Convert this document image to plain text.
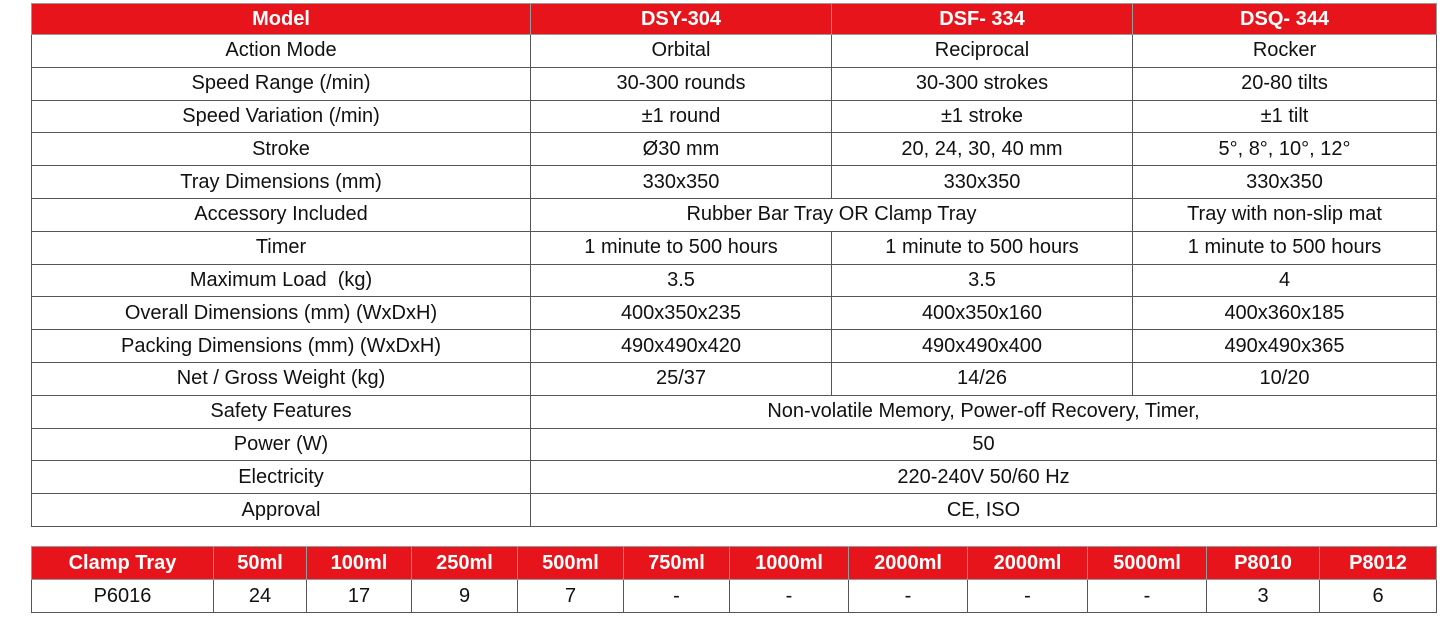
Model	DSY-304	DSF- 334	DSQ- 344
Action Mode	Orbital	Reciprocal	Rocker
Speed Range (/min)	30-300 rounds	30-300 strokes	20-80 tilts
Speed Variation (/min)	±1 round	±1 stroke	±1 tilt
Stroke	Ø30 mm	20, 24, 30, 40 mm	5°, 8°, 10°, 12°
Tray Dimensions (mm)	330x350	330x350	330x350
Accessory Included	Rubber Bar Tray OR Clamp Tray		Tray with non-slip mat
Timer	1 minute to 500 hours	1 minute to 500 hours	1 minute to 500 hours
Maximum Load  (kg)	3.5	3.5	4
Overall Dimensions (mm) (WxDxH)	400x350x235	400x350x160	400x360x185
Packing Dimensions (mm) (WxDxH)	490x490x420	490x490x400	490x490x365
Net / Gross Weight (kg)	25/37	14/26	10/20
Safety Features	Non-volatile Memory, Power-off Recovery, Timer,		
Power (W)	50		
Electricity	220-240V 50/60 Hz		
Approval	CE, ISO		
Clamp Tray	50ml	100ml	250ml	500ml	750ml	1000ml	2000ml	2000ml	5000ml	P8010	P8012
P6016	24	17	9	7	-	-	-	-	-	3	6
